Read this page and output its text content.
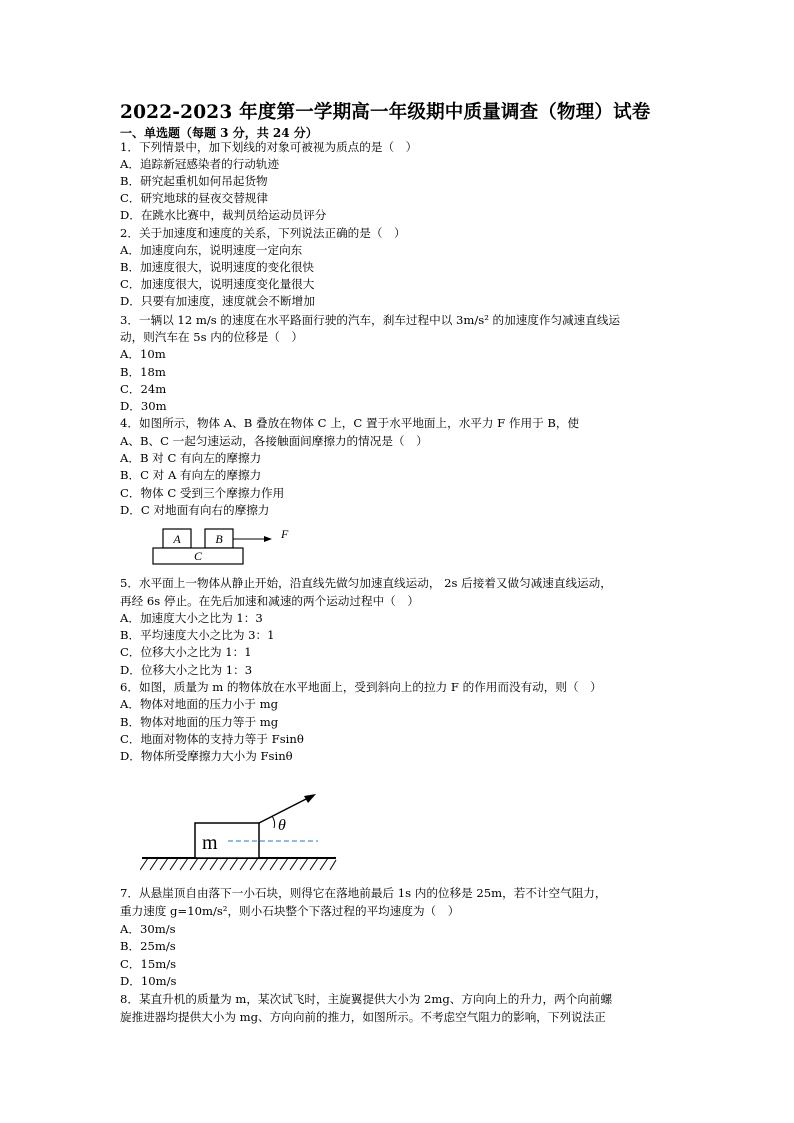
2022-2023 年度第一学期高一年级期中质量调查（物理）试卷
一、单选题（每题 3 分，共 24 分）
1．下列情景中，加下划线的对象可被视为质点的是（　）
A．追踪新冠感染者的行动轨迹
B．研究起重机如何吊起货物
C．研究地球的昼夜交替规律
D．在跳水比赛中，裁判员给运动员评分
2．关于加速度和速度的关系，下列说法正确的是（　）
A．加速度向东，说明速度一定向东
B．加速度很大，说明速度的变化很快
C．加速度很大，说明速度变化量很大
D．只要有加速度，速度就会不断增加
3．一辆以 12 m/s 的速度在水平路面行驶的汽车，刹车过程中以 3m/s² 的加速度作匀减速直线运
动，则汽车在 5s 内的位移是（　）
A．10m
B．18m
C．24m
D．30m
4．如图所示，物体 A、B 叠放在物体 C 上，C 置于水平地面上，水平力 F 作用于 B，使
A、B、C 一起匀速运动，各接触面间摩擦力的情况是（　）
A．B 对 C 有向左的摩擦力
B．C 对 A 有向左的摩擦力
C．物体 C 受到三个摩擦力作用
D．C 对地面有向右的摩擦力
A	B
C
F
5．水平面上一物体从静止开始，沿直线先做匀加速直线运动， 2s 后接着又做匀减速直线运动，
再经 6s 停止。在先后加速和减速的两个运动过程中（　）
A．加速度大小之比为 1：3
B．平均速度大小之比为 3：1
C．位移大小之比为 1：1
D．位移大小之比为 1：3
6．如图，质量为 m 的物体放在水平地面上，受到斜向上的拉力 F 的作用而没有动，则（　）
A．物体对地面的压力小于 mg
B．物体对地面的压力等于 mg
C．地面对物体的支持力等于 Fsinθ
D．物体所受摩擦力大小为 Fsinθ
m
θ
7．从悬崖顶自由落下一小石块，则得它在落地前最后 1s 内的位移是 25m，若不计空气阻力，
重力速度 g=10m/s²，则小石块整个下落过程的平均速度为（　）
A．30m/s
B．25m/s
C．15m/s
D．10m/s
8．某直升机的质量为 m，某次试飞时，主旋翼提供大小为 2mg、方向向上的升力，两个向前螺
旋推进器均提供大小为 mg、方向向前的推力，如图所示。不考虑空气阻力的影响，下列说法正
